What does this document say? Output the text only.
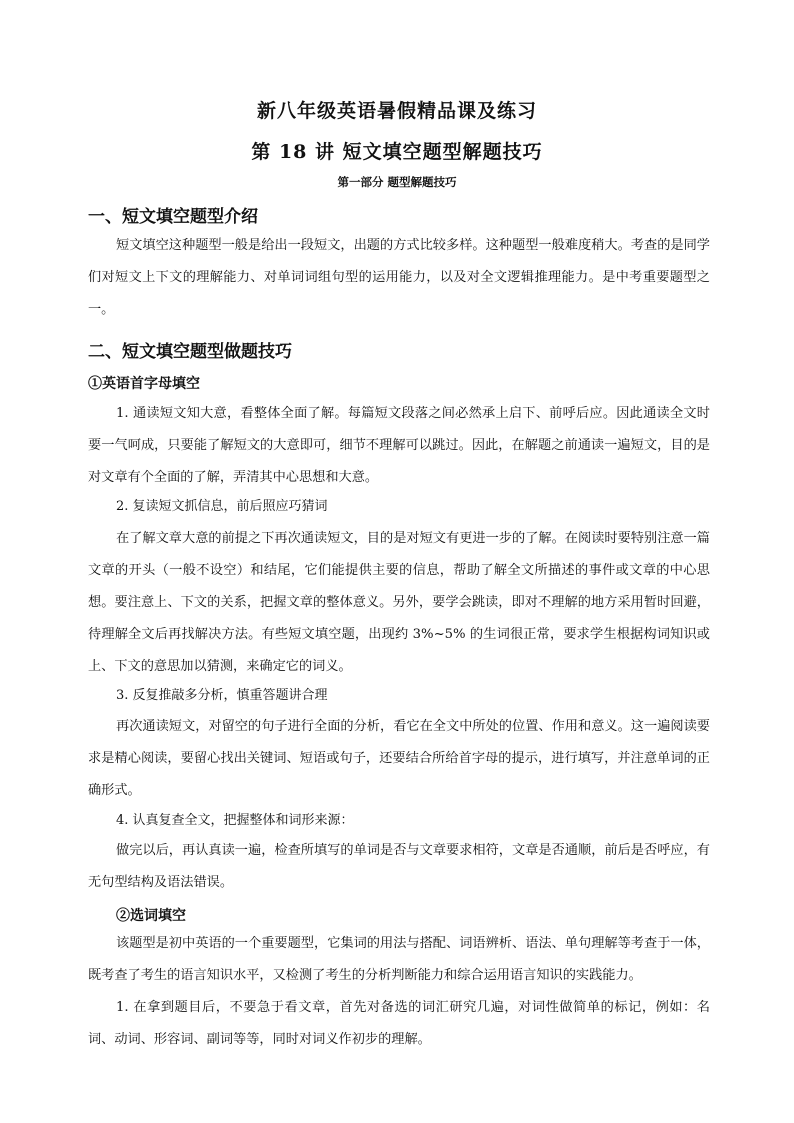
新八年级英语暑假精品课及练习
第 18 讲 短文填空题型解题技巧
第一部分 题型解题技巧
一、短文填空题型介绍

短文填空这种题型一般是给出一段短文，出题的方式比较多样。这种题型一般难度稍大。考查的是同学们对短文上下文的理解能力、对单词词组句型的运用能力，以及对全文逻辑推理能力。是中考重要题型之一。

二、短文填空题型做题技巧
①英语首字母填空

1. 通读短文知大意，看整体全面了解。每篇短文段落之间必然承上启下、前呼后应。因此通读全文时要一气呵成，只要能了解短文的大意即可，细节不理解可以跳过。因此，在解题之前通读一遍短文，目的是对文章有个全面的了解，弄清其中心思想和大意。

2. 复读短文抓信息，前后照应巧猜词

在了解文章大意的前提之下再次通读短文，目的是对短文有更进一步的了解。在阅读时要特别注意一篇文章的开头（一般不设空）和结尾，它们能提供主要的信息，帮助了解全文所描述的事件或文章的中心思想。要注意上、下文的关系，把握文章的整体意义。另外，要学会跳读，即对不理解的地方采用暂时回避，待理解全文后再找解决方法。有些短文填空题，出现约 3%~5% 的生词很正常，要求学生根据构词知识或上、下文的意思加以猜测，来确定它的词义。

3. 反复推敲多分析，慎重答题讲合理

再次通读短文，对留空的句子进行全面的分析，看它在全文中所处的位置、作用和意义。这一遍阅读要求是精心阅读，要留心找出关键词、短语或句子，还要结合所给首字母的提示，进行填写，并注意单词的正确形式。

4. 认真复查全文，把握整体和词形来源：

做完以后，再认真读一遍，检查所填写的单词是否与文章要求相符，文章是否通顺，前后是否呼应，有无句型结构及语法错误。

②选词填空

该题型是初中英语的一个重要题型，它集词的用法与搭配、词语辨析、语法、单句理解等考查于一体，既考查了考生的语言知识水平，又检测了考生的分析判断能力和综合运用语言知识的实践能力。

1. 在拿到题目后，不要急于看文章，首先对备选的词汇研究几遍，对词性做简单的标记，例如：名词、动词、形容词、副词等等，同时对词义作初步的理解。
